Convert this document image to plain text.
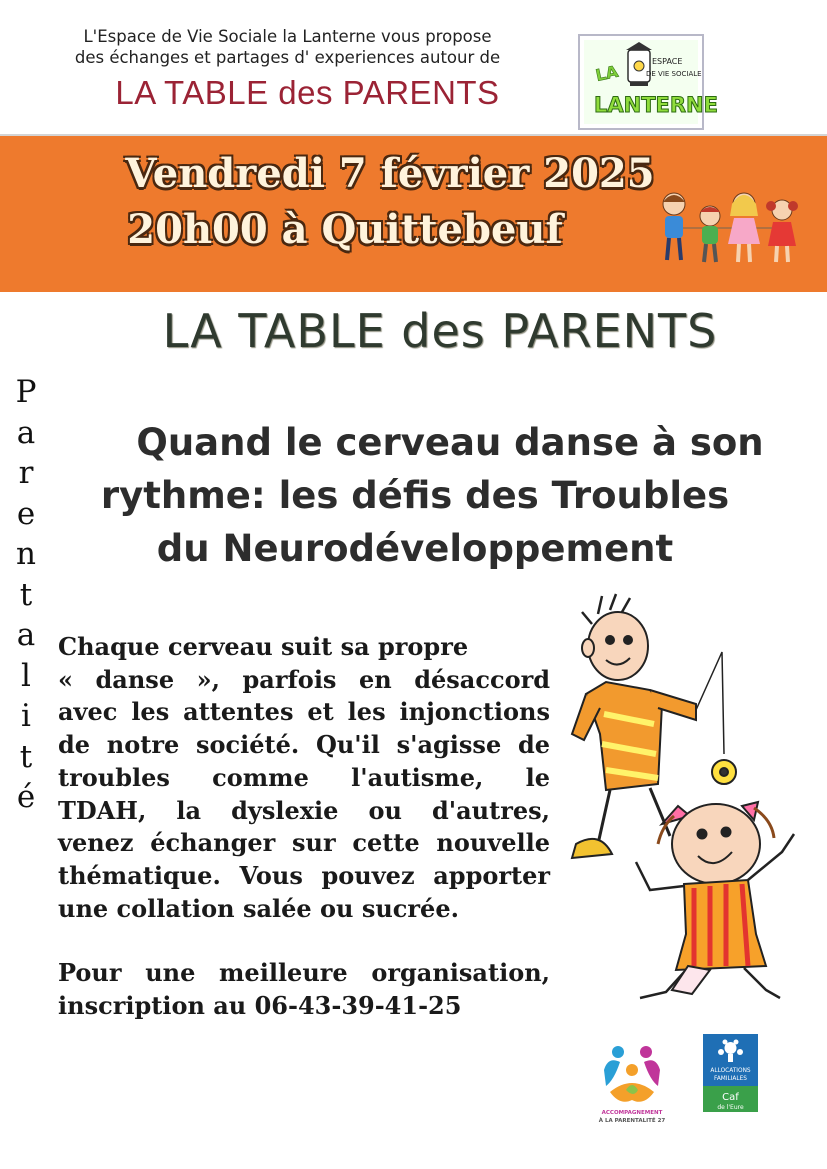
L'Espace de Vie Sociale la Lanterne vous propose
des échanges et partages d' experiences autour de
LA TABLE des PARENTS
LA
ESPACE
DE VIE SOCIALE
LANTERNE
Vendredi 7 février 2025
20h00 à Quittebeuf
LA TABLE des PARENTS
P
a
r
e
n
t
a
l
i
t
é
Quand le cerveau danse à son
rythme: les défis des Troubles
du Neurodéveloppement

Chaque cerveau suit sa propre

« danse », parfois en désaccord

avec les attentes et les injonctions

de notre société. Qu'il s'agisse de

troubles comme l'autisme, le

TDAH, la dyslexie ou d'autres,

venez échanger sur cette nouvelle

thématique. Vous pouvez apporter

une collation salée ou sucrée.

Pour une meilleure organisation,

inscription au 06-43-39-41-25

ACCOMPAGNEMENT
À LA PARENTALITÉ 27
ALLOCATIONS
FAMILIALES
Caf
de l'Eure
